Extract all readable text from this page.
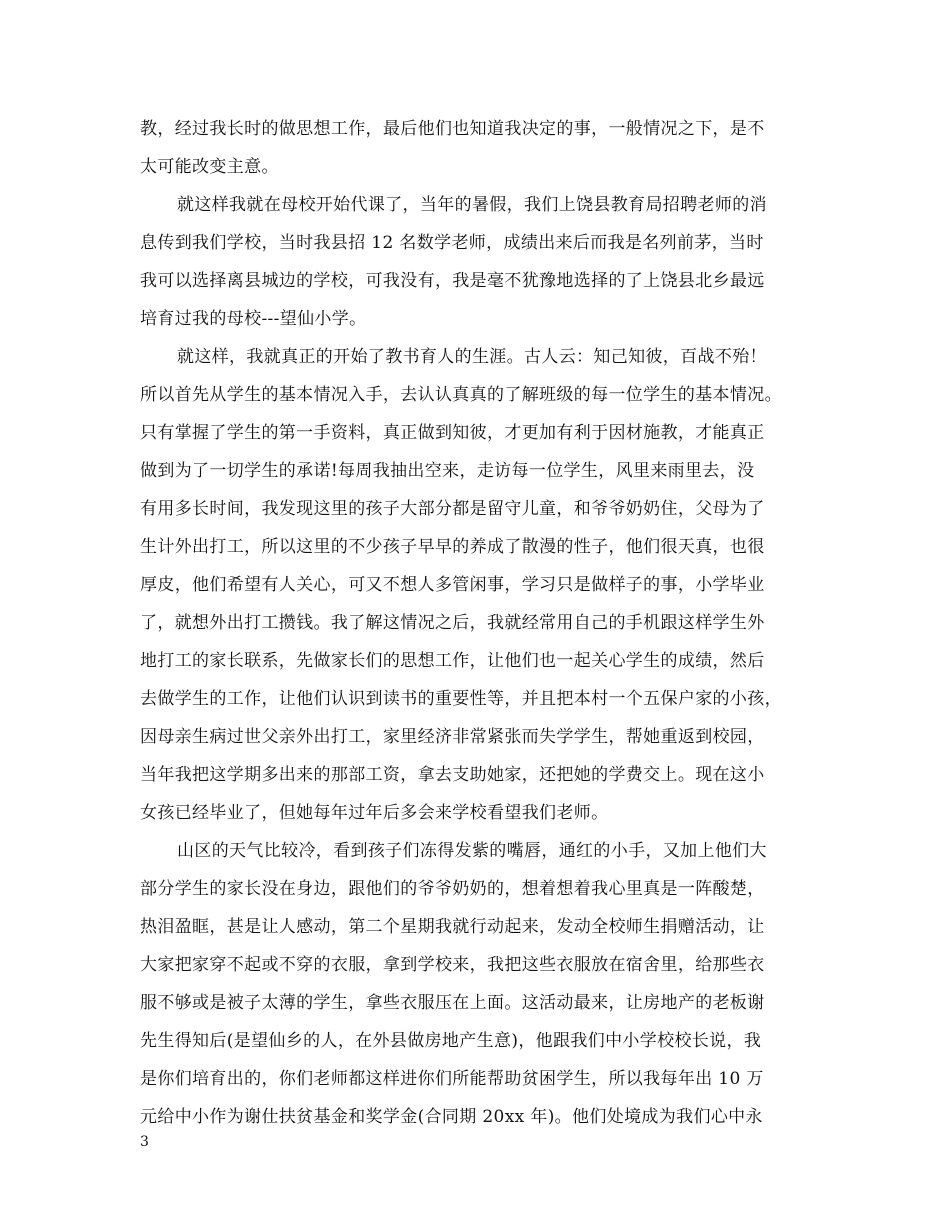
教，经过我长时的做思想工作，最后他们也知道我决定的事，一般情况之下，是不
太可能改变主意。
就这样我就在母校开始代课了，当年的暑假，我们上饶县教育局招聘老师的消
息传到我们学校，当时我县招 12 名数学老师，成绩出来后而我是名列前茅，当时
我可以选择离县城边的学校，可我没有，我是毫不犹豫地选择的了上饶县北乡最远
培育过我的母校---望仙小学。
就这样，我就真正的开始了教书育人的生涯。古人云：知己知彼，百战不殆！
所以首先从学生的基本情况入手，去认认真真的了解班级的每一位学生的基本情况。
只有掌握了学生的第一手资料，真正做到知彼，才更加有利于因材施教，才能真正
做到为了一切学生的承诺!每周我抽出空来，走访每一位学生，风里来雨里去，没
有用多长时间，我发现这里的孩子大部分都是留守儿童，和爷爷奶奶住，父母为了
生计外出打工，所以这里的不少孩子早早的养成了散漫的性子，他们很天真，也很
厚皮，他们希望有人关心，可又不想人多管闲事，学习只是做样子的事，小学毕业
了，就想外出打工攒钱。我了解这情况之后，我就经常用自己的手机跟这样学生外
地打工的家长联系，先做家长们的思想工作，让他们也一起关心学生的成绩，然后
去做学生的工作，让他们认识到读书的重要性等，并且把本村一个五保户家的小孩，
因母亲生病过世父亲外出打工，家里经济非常紧张而失学学生，帮她重返到校园，
当年我把这学期多出来的那部工资，拿去支助她家，还把她的学费交上。现在这小
女孩已经毕业了，但她每年过年后多会来学校看望我们老师。
山区的天气比较冷，看到孩子们冻得发紫的嘴唇，通红的小手，又加上他们大
部分学生的家长没在身边，跟他们的爷爷奶奶的，想着想着我心里真是一阵酸楚，
热泪盈眶，甚是让人感动，第二个星期我就行动起来，发动全校师生捐赠活动，让
大家把家穿不起或不穿的衣服，拿到学校来，我把这些衣服放在宿舍里，给那些衣
服不够或是被子太薄的学生，拿些衣服压在上面。这活动最来，让房地产的老板谢
先生得知后(是望仙乡的人，在外县做房地产生意)，他跟我们中小学校校长说，我
是你们培育出的，你们老师都这样进你们所能帮助贫困学生，所以我每年出 10 万
元给中小作为谢仕扶贫基金和奖学金(合同期 20xx 年)。他们处境成为我们心中永
3
